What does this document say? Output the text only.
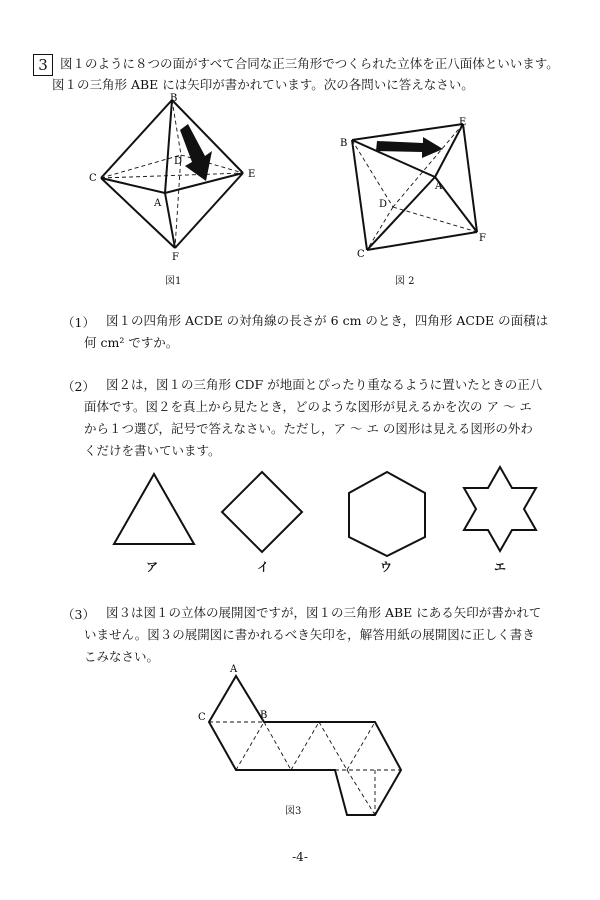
3 図１のように８つの面がすべて合同な正三角形でつくられた立体を正八面体といいます。
図１の三角形 ABE には矢印が書かれています。次の各問いに答えなさい。
B
C
D
E
A
F
図1
B
E
A
D
C
F
図 2
（1） 図１の四角形 ACDE の対角線の長さが 6 cm のとき，四角形 ACDE の面積は
何 cm² ですか。
（2） 図２は，図１の三角形 CDF が地面とぴったり重なるように置いたときの正八
面体です。図２を真上から見たとき，どのような図形が見えるかを次の ア ～ エ
から１つ選び，記号で答えなさい。ただし，ア ～ エ の図形は見える図形の外わ
くだけを書いています。
ア	イ	ウ	エ
（3） 図３は図１の立体の展開図ですが，図１の三角形 ABE にある矢印が書かれて
いません。図３の展開図に書かれるべき矢印を，解答用紙の展開図に正しく書き
こみなさい。
A
C	B
図3
-4-
